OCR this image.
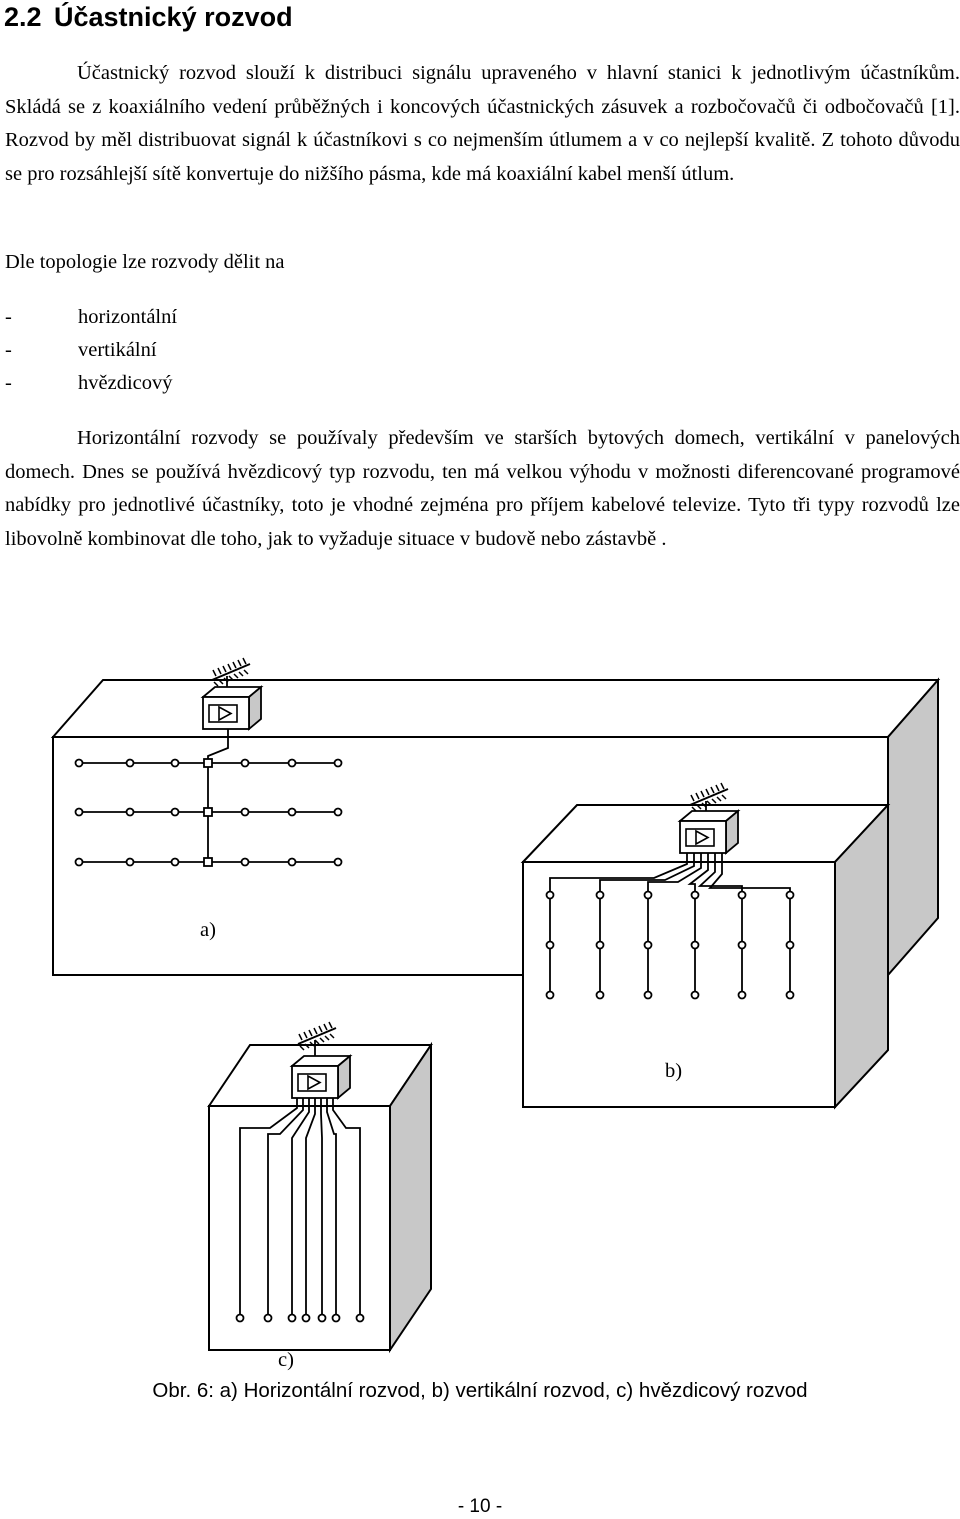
2.2 Účastnický rozvod
Účastnický rozvod slouží k distribuci signálu upraveného v hlavní stanici k jednotlivým účastníkům. Skládá se z koaxiálního vedení průběžných i koncových účastnických zásuvek a rozbočovačů či odbočovačů [1]. Rozvod by měl distribuovat signál k účastníkovi s co nejmenším útlumem a v co nejlepší kvalitě. Z tohoto důvodu se pro rozsáhlejší sítě konvertuje do nižšího pásma, kde má koaxiální kabel menší útlum.
Dle topologie lze rozvody dělit na
-	horizontální
-	vertikální
-	hvězdicový
Horizontální rozvody se používaly především ve starších bytových domech, vertikální v panelových domech. Dnes se používá hvězdicový typ rozvodu, ten má velkou výhodu v možnosti diferencované programové nabídky pro jednotlivé účastníky, toto je vhodné zejména pro příjem kabelové televize. Tyto tři typy rozvodů lze libovolně kombinovat dle toho, jak to vyžaduje situace v budově nebo zástavbě .
a)
b)
c)
Obr. 6: a) Horizontální rozvod, b) vertikální rozvod, c) hvězdicový rozvod
- 10 -
